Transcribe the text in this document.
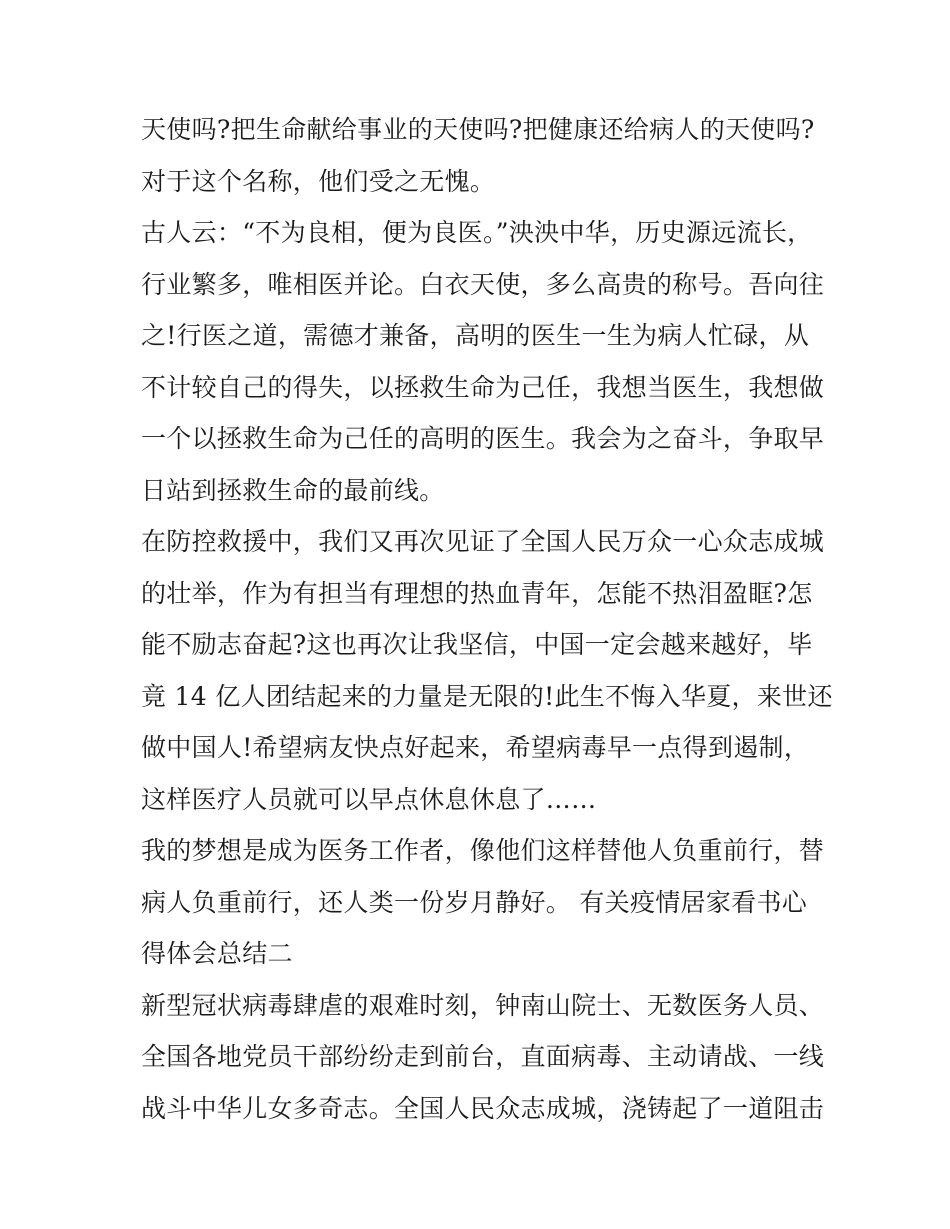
天使吗?把生命献给事业的天使吗?把健康还给病人的天使吗?
对于这个名称，他们受之无愧。
古人云：“不为良相，便为良医。”泱泱中华，历史源远流长，
行业繁多，唯相医并论。白衣天使，多么高贵的称号。吾向往
之!行医之道，需德才兼备，高明的医生一生为病人忙碌，从
不计较自己的得失，以拯救生命为己任，我想当医生，我想做
一个以拯救生命为己任的高明的医生。我会为之奋斗，争取早
日站到拯救生命的最前线。
在防控救援中，我们又再次见证了全国人民万众一心众志成城
的壮举，作为有担当有理想的热血青年，怎能不热泪盈眶?怎
能不励志奋起?这也再次让我坚信，中国一定会越来越好，毕
竟 14 亿人团结起来的力量是无限的!此生不悔入华夏，来世还
做中国人!希望病友快点好起来，希望病毒早一点得到遏制，
这样医疗人员就可以早点休息休息了……
我的梦想是成为医务工作者，像他们这样替他人负重前行，替
病人负重前行，还人类一份岁月静好。 有关疫情居家看书心
得体会总结二
新型冠状病毒肆虐的艰难时刻，钟南山院士、无数医务人员、
全国各地党员干部纷纷走到前台，直面病毒、主动请战、一线
战斗中华儿女多奇志。全国人民众志成城，浇铸起了一道阻击
